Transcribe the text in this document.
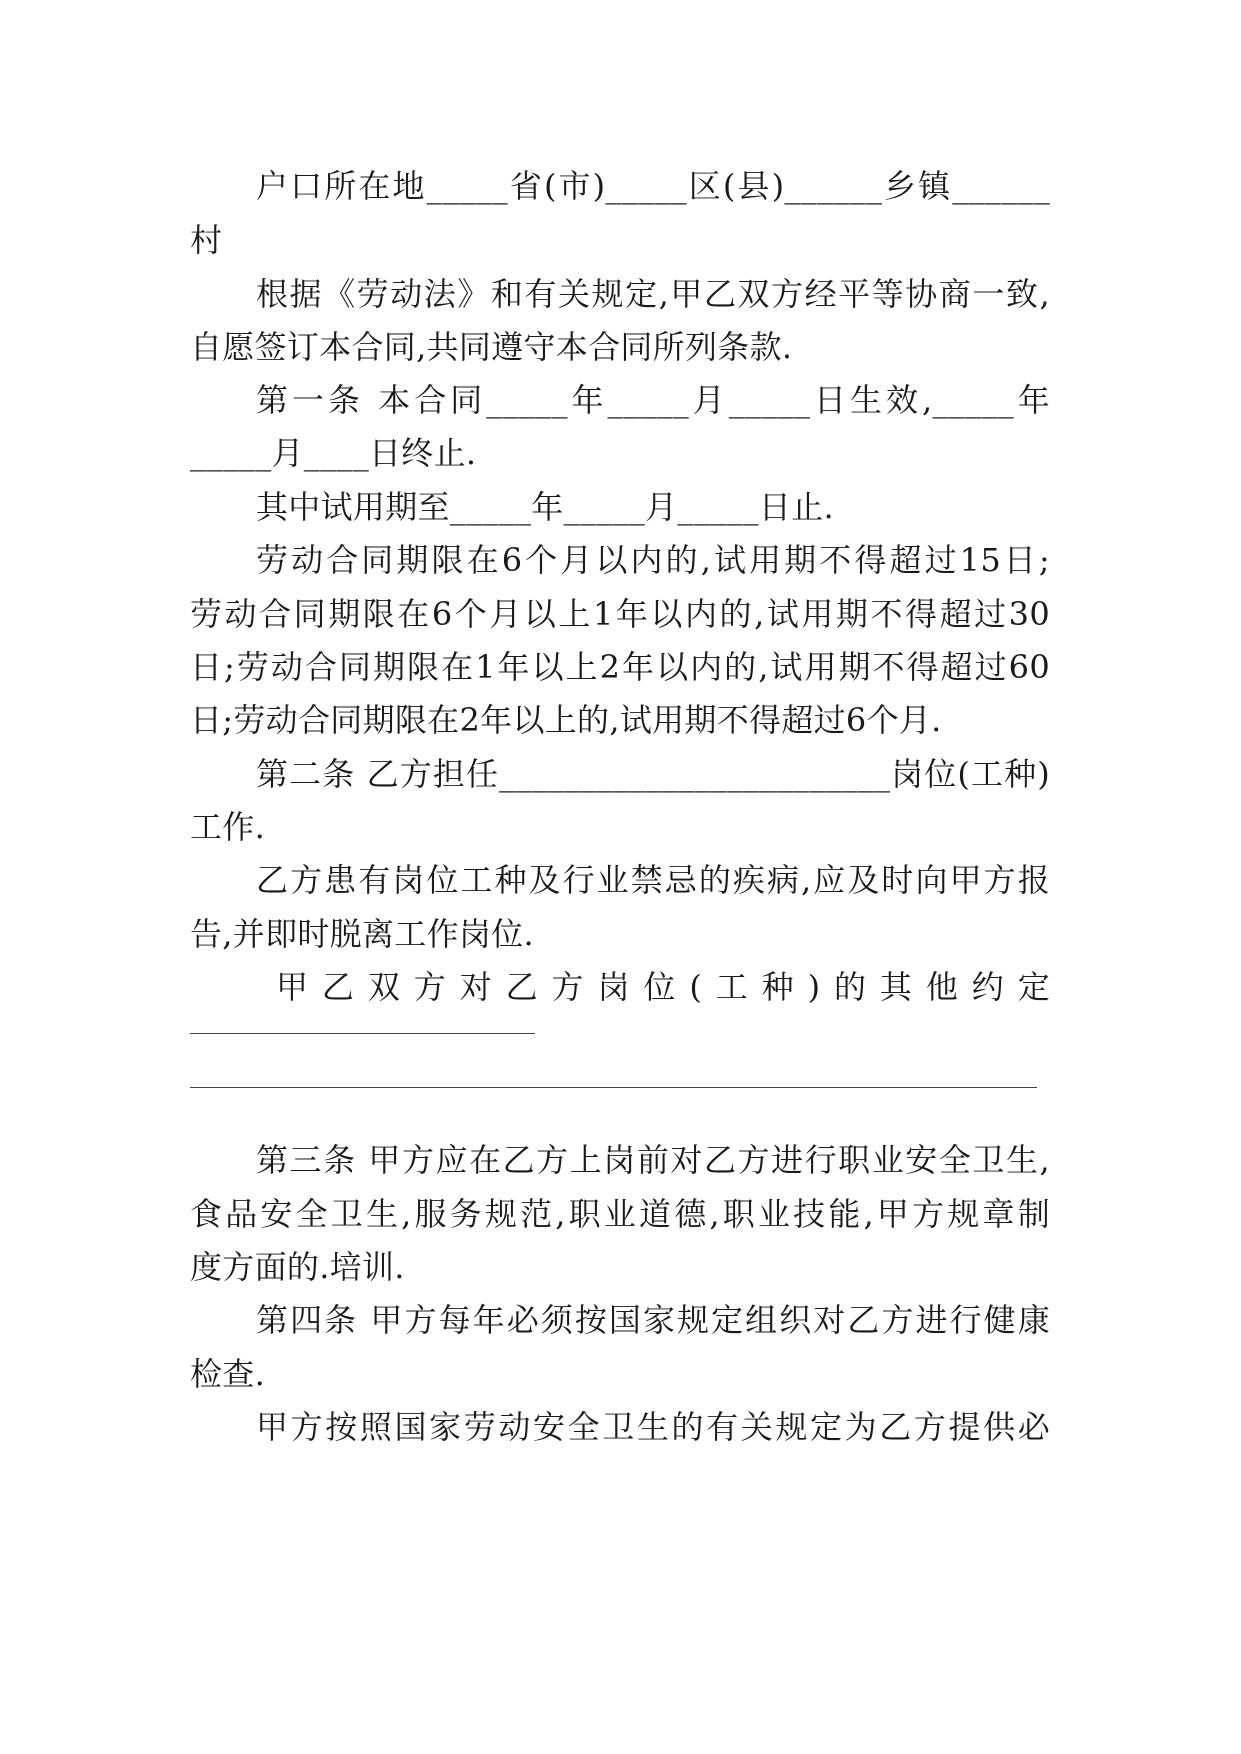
户口所在地_____省(市)_____区(县)______乡镇______
村
根据《劳动法》和有关规定,甲乙双方经平等协商一致,
自愿签订本合同,共同遵守本合同所列条款.
第一条 本合同_____年_____月_____日生效,_____年
_____月____日终止.
其中试用期至_____年_____月_____日止.
劳动合同期限在6个月以内的,试用期不得超过15日;
劳动合同期限在6个月以上1年以内的,试用期不得超过30
日;劳动合同期限在1年以上2年以内的,试用期不得超过60
日;劳动合同期限在2年以上的,试用期不得超过6个月.
第二条 乙方担任________________________岗位(工种)
工作.
乙方患有岗位工种及行业禁忌的疾病,应及时向甲方报
告,并即时脱离工作岗位.
甲乙双方对乙方岗位(工种)的其他约定
第三条 甲方应在乙方上岗前对乙方进行职业安全卫生,
食品安全卫生,服务规范,职业道德,职业技能,甲方规章制
度方面的.培训.
第四条 甲方每年必须按国家规定组织对乙方进行健康
检查.
甲方按照国家劳动安全卫生的有关规定为乙方提供必
